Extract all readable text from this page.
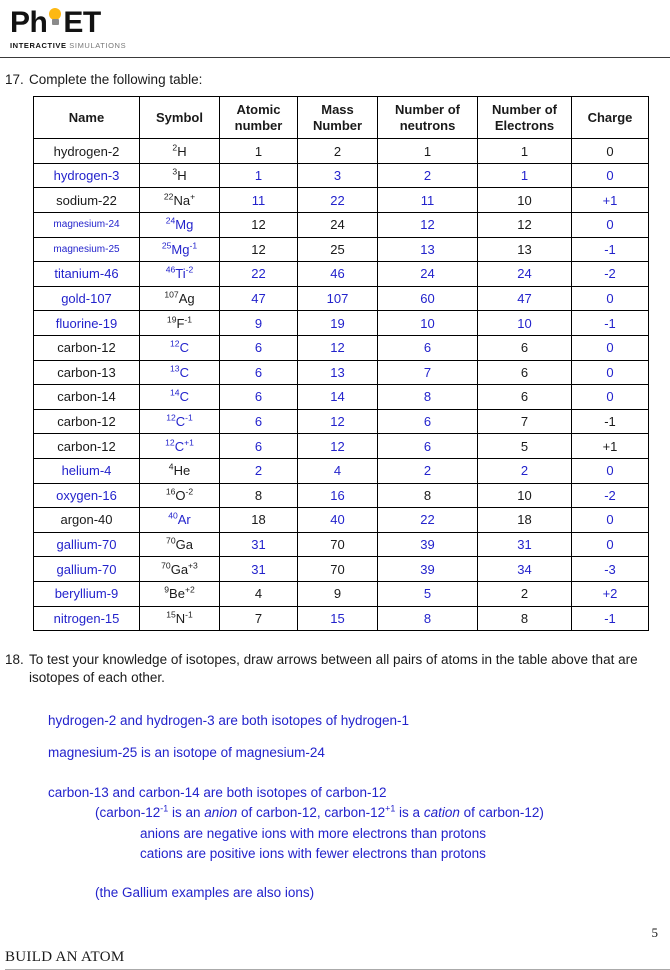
Ph ET
INTERACTIVE SIMULATIONS
17. Complete the following table:
Name	Symbol	Atomic number	Mass Number	Number of neutrons	Number of Electrons	Charge
hydrogen-2	$^2$H	1	2	1	1	0
hydrogen-3	$^3$H	1	3	2	1	0
sodium-22	$^{22}$Na+	11	22	11	10	+1
magnesium-24	$^{24}$Mg	12	24	12	12	0
magnesium-25	$^{25}Mg^{-1}$	12	25	13	13	-1
titanium-46	$^{46}Ti^{-2}$	22	46	24	24	-2
gold-107	$^{107}$Ag	47	107	60	47	0
fluorine-19	$^{19}F^{-1}$	9	19	10	10	-1
carbon-12	$^{12}$C	6	12	6	6	0
carbon-13	$^{13}$C	6	13	7	6	0
carbon-14	$^{14}$C	6	14	8	6	0
carbon-12	$^{12}C^{-1}$	6	12	6	7	-1
carbon-12	$^{12}C^{+1}$	6	12	6	5	+1
helium-4	$^4$He	2	4	2	2	0
oxygen-16	$^{16}O^{-2}$	8	16	8	10	-2
argon-40	$^{40}$Ar	18	40	22	18	0
gallium-70	$^{70}$Ga	31	70	39	31	0
gallium-70	$^{70}Ga^{+3}$	31	70	39	34	-3
beryllium-9	$^9Be^{+2}$	4	9	5	2	+2
nitrogen-15	$^{15}N^{-1}$	7	15	8	8	-1
18. To test your knowledge of isotopes, draw arrows between all pairs of atoms in the table above that are isotopes of each other.
hydrogen-2 and hydrogen-3 are both isotopes of hydrogen-1
magnesium-25 is an isotope of magnesium-24
carbon-13 and carbon-14 are both isotopes of carbon-12
($carbon-12^{-1}$ is an anion of carbon-12, carbon-$12^{+1}$ is a cation of carbon-12)
anions are negative ions with more electrons than protons
cations are positive ions with fewer electrons than protons
(the Gallium examples are also ions)
5
BUILD AN ATOM
